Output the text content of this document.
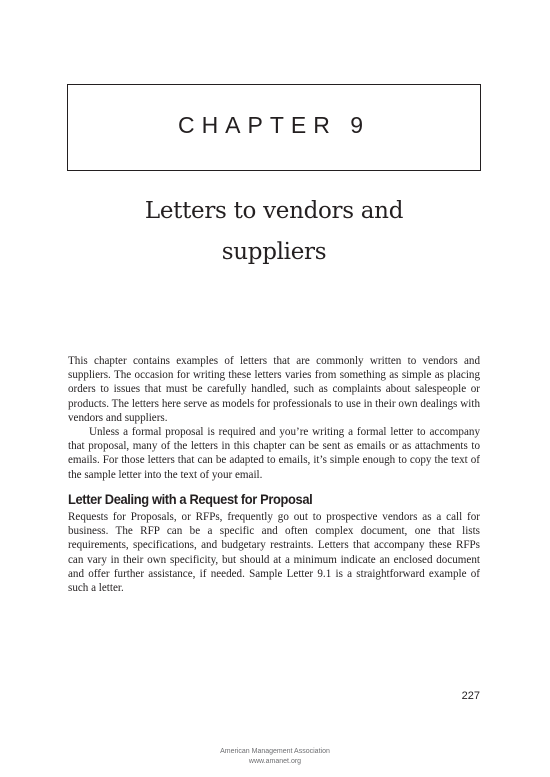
CHAPTER 9
Letters to vendors and
suppliers

This chapter contains examples of letters that are commonly written to vendors and suppliers. The occasion for writing these letters varies from something as simple as placing orders to issues that must be carefully handled, such as complaints about salespeople or products. The letters here serve as models for professionals to use in their own dealings with vendors and suppliers.

Unless a formal proposal is required and you’re writing a formal letter to accompany that proposal, many of the letters in this chapter can be sent as emails or as attachments to emails. For those letters that can be adapted to emails, it’s simple enough to copy the text of the sample letter into the text of your email.

Letter Dealing with a Request for Proposal

Requests for Proposals, or RFPs, frequently go out to prospective vendors as a call for business. The RFP can be a specific and often complex document, one that lists requirements, specifications, and budgetary restraints. Letters that accompany these RFPs can vary in their own specificity, but should at a minimum indicate an enclosed document and offer further assistance, if needed. Sample Letter 9.1 is a straightforward example of such a letter.

227
American Management Association
www.amanet.org
